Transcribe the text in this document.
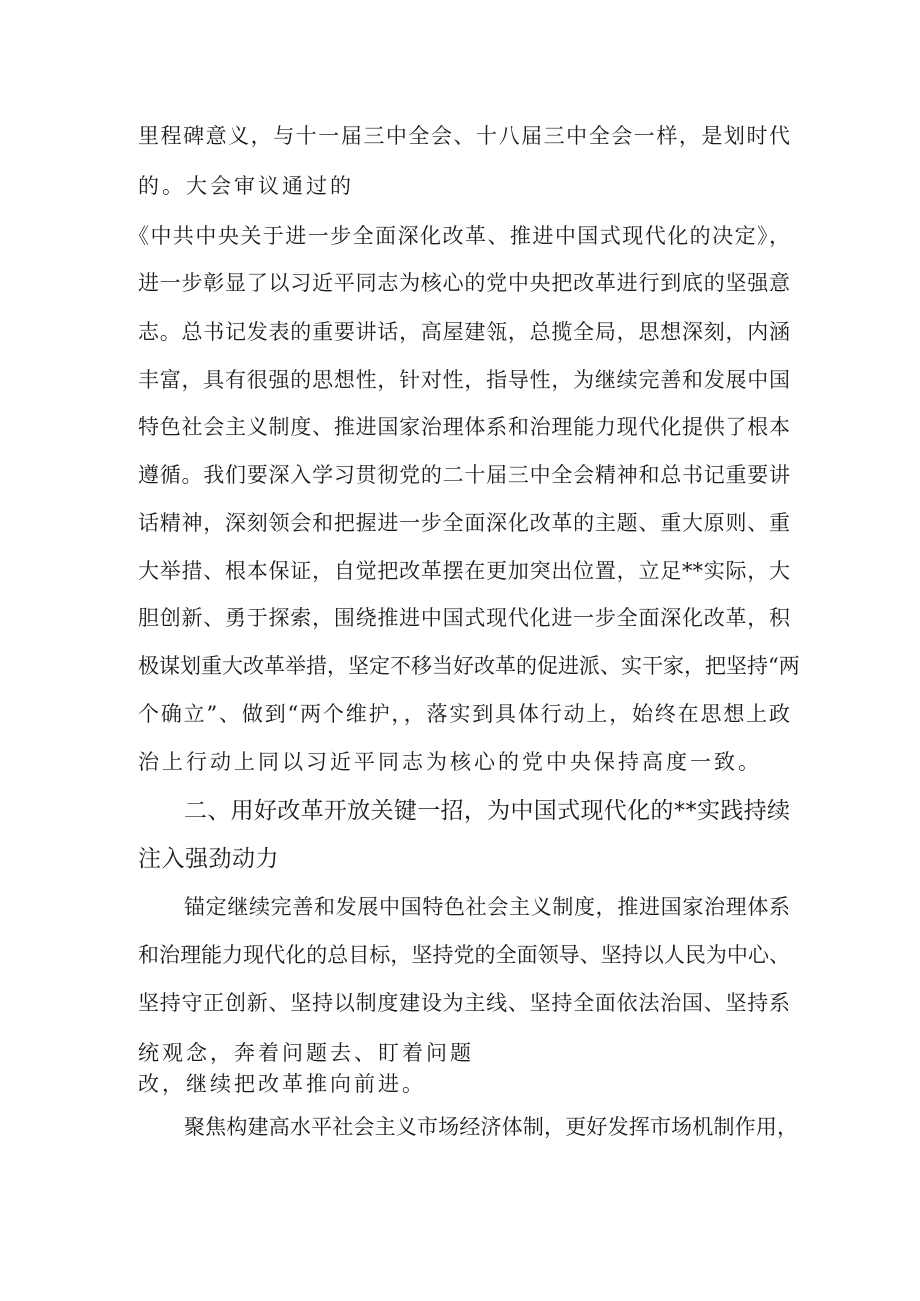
里程碑意义，与十一届三中全会、十八届三中全会一样，是划时代
的。大会审议通过的
《中共中央关于进一步全面深化改革、推进中国式现代化的决定》，
进一步彰显了以习近平同志为核心的党中央把改革进行到底的坚强意
志。总书记发表的重要讲话，高屋建瓴，总揽全局，思想深刻，内涵
丰富，具有很强的思想性，针对性，指导性，为继续完善和发展中国
特色社会主义制度、推进国家治理体系和治理能力现代化提供了根本
遵循。我们要深入学习贯彻党的二十届三中全会精神和总书记重要讲
话精神，深刻领会和把握进一步全面深化改革的主题、重大原则、重
大举措、根本保证，自觉把改革摆在更加突出位置，立足**实际，大
胆创新、勇于探索，围绕推进中国式现代化进一步全面深化改革，积
极谋划重大改革举措，坚定不移当好改革的促进派、实干家，把坚持“两
个确立”、做到“两个维护，，落实到具体行动上，始终在思想上政
治上行动上同以习近平同志为核心的党中央保持高度一致。
二、用好改革开放关键一招，为中国式现代化的**实践持续
注入强劲动力
锚定继续完善和发展中国特色社会主义制度，推进国家治理体系
和治理能力现代化的总目标，坚持党的全面领导、坚持以人民为中心、
坚持守正创新、坚持以制度建设为主线、坚持全面依法治国、坚持系
统观念，奔着问题去、盯着问题
改，继续把改革推向前进。
聚焦构建高水平社会主义市场经济体制，更好发挥市场机制作用，
